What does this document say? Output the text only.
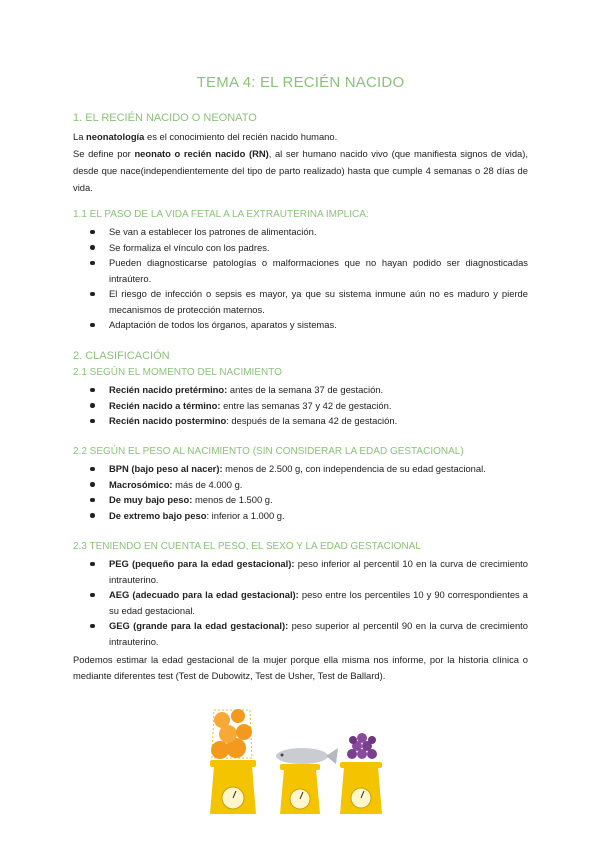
TEMA 4: EL RECIÉN NACIDO
1. EL RECIÉN NACIDO O NEONATO

La neonatología es el conocimiento del recién nacido humano.

Se define por neonato o recién nacido (RN), al ser humano nacido vivo (que manifiesta signos de vida), desde que nace(independientemente del tipo de parto realizado) hasta que cumple 4 semanas o 28 días de vida.

1.1 EL PASO DE LA VIDA FETAL A LA EXTRAUTERINA IMPLICA:
Se van a establecer los patrones de alimentación.
Se formaliza el vínculo con los padres.
Pueden diagnosticarse patologías o malformaciones que no hayan podido ser diagnosticadas intraútero.
El riesgo de infección o sepsis es mayor, ya que su sistema inmune aún no es maduro y pierde mecanismos de protección maternos.
Adaptación de todos los órganos, aparatos y sistemas.
2. CLASIFICACIÓN
2.1 SEGÚN EL MOMENTO DEL NACIMIENTO
Recién nacido pretérmino: antes de la semana 37 de gestación.
Recién nacido a término: entre las semanas 37 y 42 de gestación.
Recién nacido postermino: después de la semana 42 de gestación.
2.2 SEGÚN EL PESO AL NACIMIENTO (SIN CONSIDERAR LA EDAD GESTACIONAL)
BPN (bajo peso al nacer): menos de 2.500 g, con independencia de su edad gestacional.
Macrosómico: más de 4.000 g.
De muy bajo peso: menos de 1.500 g.
De extremo bajo peso: inferior a 1.000 g.
2.3 TENIENDO EN CUENTA EL PESO, EL SEXO Y LA EDAD GESTACIONAL
PEG (pequeño para la edad gestacional): peso inferior al percentil 10 en la curva de crecimiento intrauterino.
AEG (adecuado para la edad gestacional): peso entre los percentiles 10 y 90 correspondientes a su edad gestacional.
GEG (grande para la edad gestacional): peso superior al percentil 90 en la curva de crecimiento intrauterino.

Podemos estimar la edad gestacional de la mujer porque ella misma nos informe, por la historia clínica o mediante diferentes test (Test de Dubowitz, Test de Usher, Test de Ballard).
